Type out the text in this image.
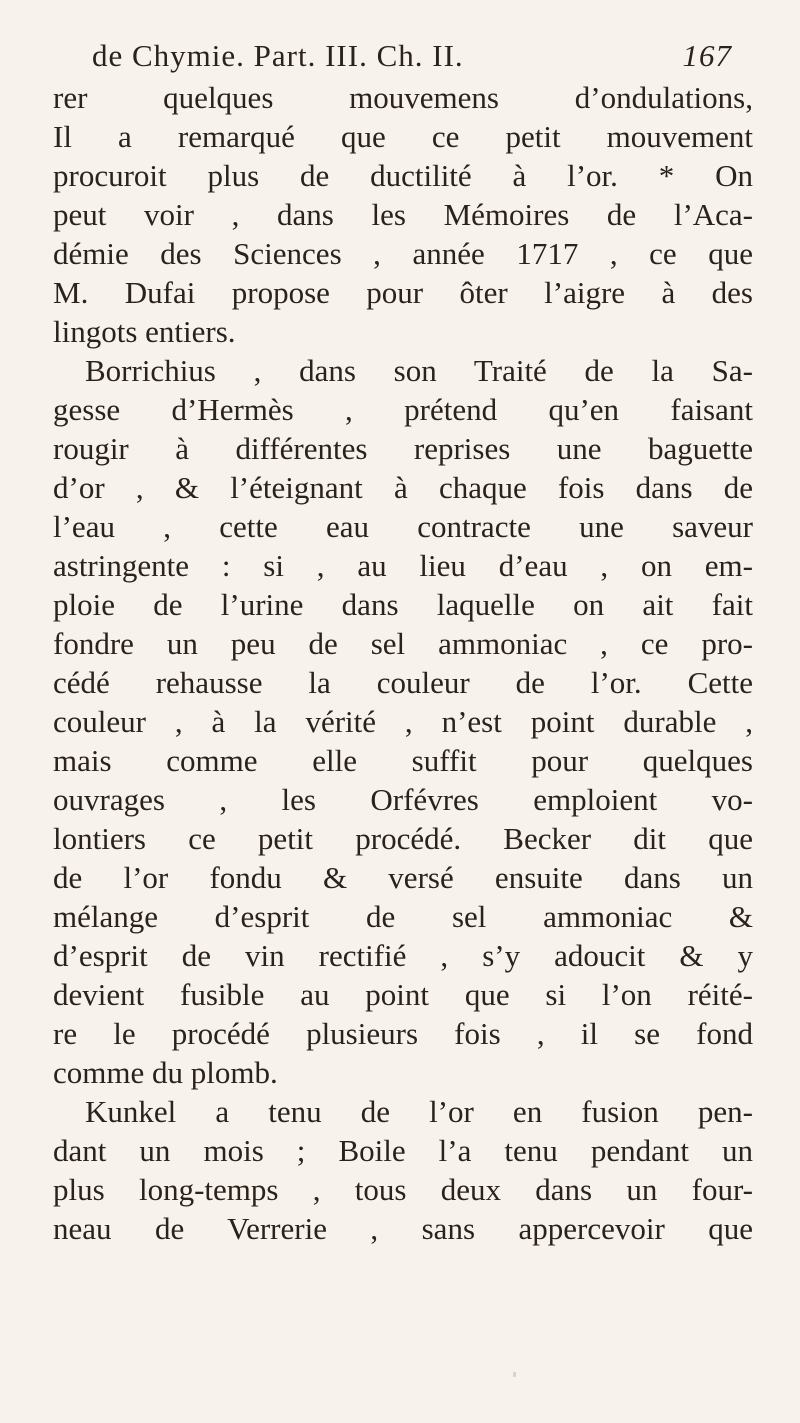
de Chymie. Part. III. Ch. II.	167
rer quelques mouvemens d’ondulations,
Il a remarqué que ce petit mouvement
procuroit plus de ductilité à l’or. * On
peut voir , dans les Mémoires de l’Aca-
démie des Sciences , année 1717 , ce que
M. Dufai propose pour ôter l’aigre à des
lingots entiers.
Borrichius , dans son Traité de la Sa-
gesse d’Hermès , prétend qu’en faisant
rougir à différentes reprises une baguette
d’or , & l’éteignant à chaque fois dans de
l’eau , cette eau contracte une saveur
astringente : si , au lieu d’eau , on em-
ploie de l’urine dans laquelle on ait fait
fondre un peu de sel ammoniac , ce pro-
cédé rehausse la couleur de l’or. Cette
couleur , à la vérité , n’est point durable ,
mais comme elle suffit pour quelques
ouvrages , les Orfévres emploient vo-
lontiers ce petit procédé. Becker dit que
de l’or fondu & versé ensuite dans un
mélange d’esprit de sel ammoniac &
d’esprit de vin rectifié , s’y adoucit & y
devient fusible au point que si l’on réité-
re le procédé plusieurs fois , il se fond
comme du plomb.
Kunkel a tenu de l’or en fusion pen-
dant un mois ; Boile l’a tenu pendant un
plus long-temps , tous deux dans un four-
neau de Verrerie , sans appercevoir que
